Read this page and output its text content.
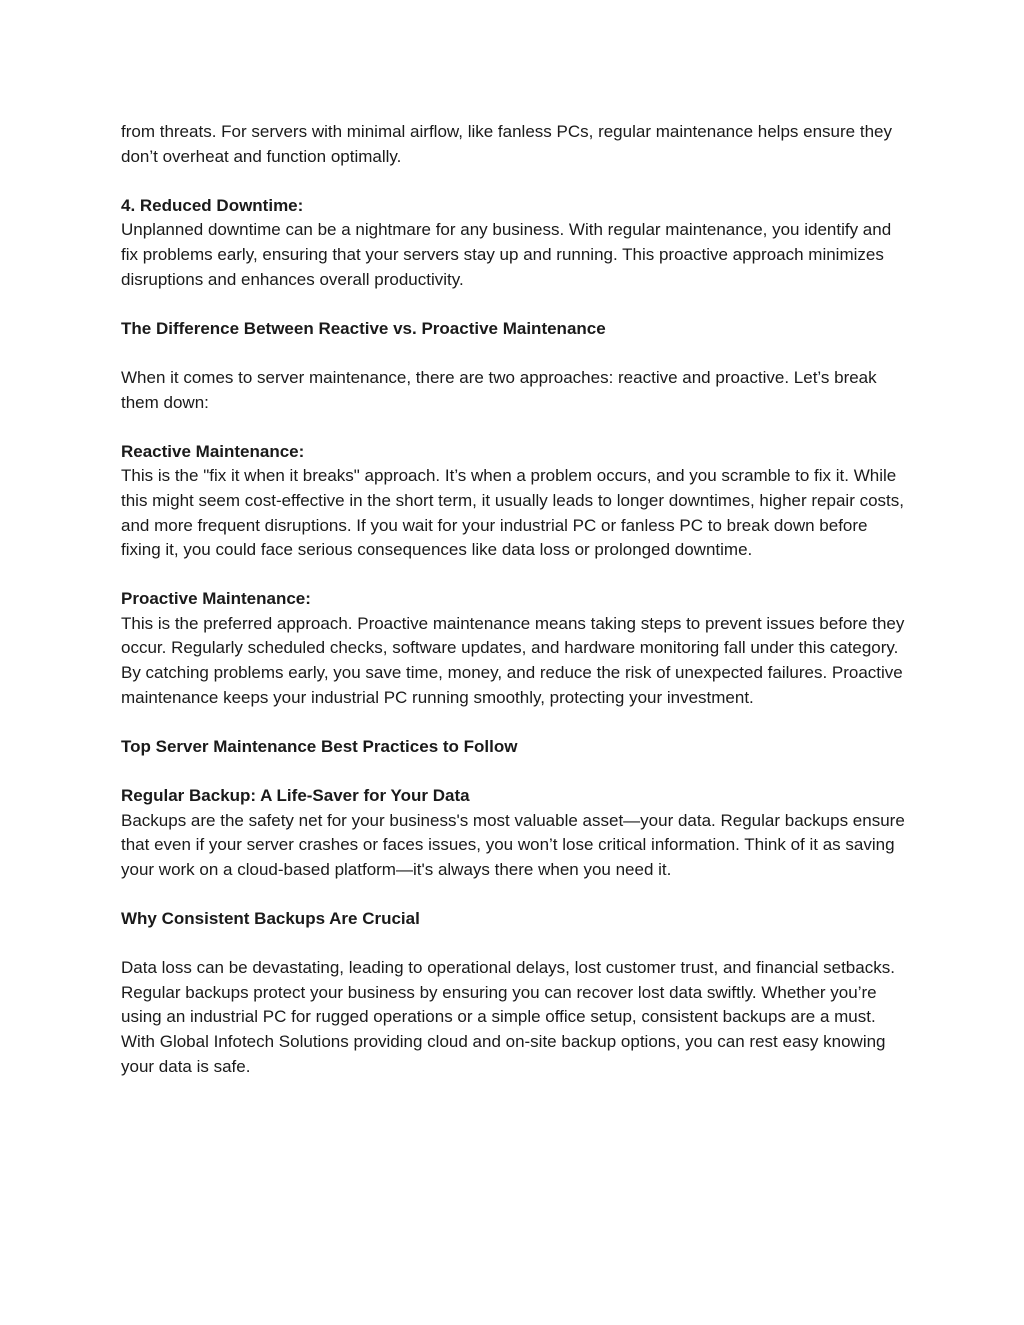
from threats. For servers with minimal airflow, like fanless PCs, regular maintenance helps ensure they don’t overheat and function optimally.
4. Reduced Downtime:
Unplanned downtime can be a nightmare for any business. With regular maintenance, you identify and fix problems early, ensuring that your servers stay up and running. This proactive approach minimizes disruptions and enhances overall productivity.
The Difference Between Reactive vs. Proactive Maintenance
When it comes to server maintenance, there are two approaches: reactive and proactive. Let’s break them down:
Reactive Maintenance:
This is the "fix it when it breaks" approach. It’s when a problem occurs, and you scramble to fix it. While this might seem cost-effective in the short term, it usually leads to longer downtimes, higher repair costs, and more frequent disruptions. If you wait for your industrial PC or fanless PC to break down before fixing it, you could face serious consequences like data loss or prolonged downtime.
Proactive Maintenance:
This is the preferred approach. Proactive maintenance means taking steps to prevent issues before they occur. Regularly scheduled checks, software updates, and hardware monitoring fall under this category. By catching problems early, you save time, money, and reduce the risk of unexpected failures. Proactive maintenance keeps your industrial PC running smoothly, protecting your investment.
Top Server Maintenance Best Practices to Follow
Regular Backup: A Life-Saver for Your Data
Backups are the safety net for your business's most valuable asset—your data. Regular backups ensure that even if your server crashes or faces issues, you won’t lose critical information. Think of it as saving your work on a cloud-based platform—it's always there when you need it.
Why Consistent Backups Are Crucial
Data loss can be devastating, leading to operational delays, lost customer trust, and financial setbacks. Regular backups protect your business by ensuring you can recover lost data swiftly. Whether you’re using an industrial PC for rugged operations or a simple office setup, consistent backups are a must. With Global Infotech Solutions providing cloud and on-site backup options, you can rest easy knowing your data is safe.
